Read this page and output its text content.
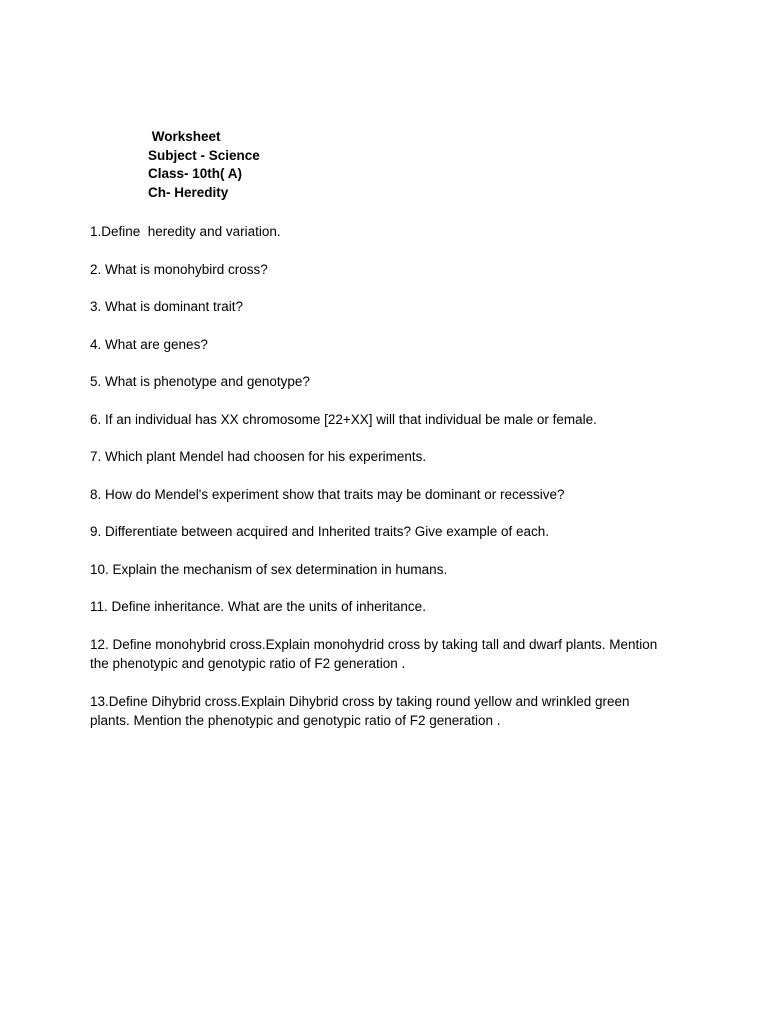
Worksheet
Subject - Science
Class- 10th( A)
Ch- Heredity
1.Define  heredity and variation.
2. What is monohybird cross?
3. What is dominant trait?
4. What are genes?
5. What is phenotype and genotype?
6. If an individual has XX chromosome [22+XX] will that individual be male or female.
7. Which plant Mendel had choosen for his experiments.
8. How do Mendel's experiment show that traits may be dominant or recessive?
9. Differentiate between acquired and Inherited traits? Give example of each.
10. Explain the mechanism of sex determination in humans.
11. Define inheritance. What are the units of inheritance.
12. Define monohybrid cross.Explain monohydrid cross by taking tall and dwarf plants. Mention
the phenotypic and genotypic ratio of F2 generation .
13.Define Dihybrid cross.Explain Dihybrid cross by taking round yellow and wrinkled green
plants. Mention the phenotypic and genotypic ratio of F2 generation .
